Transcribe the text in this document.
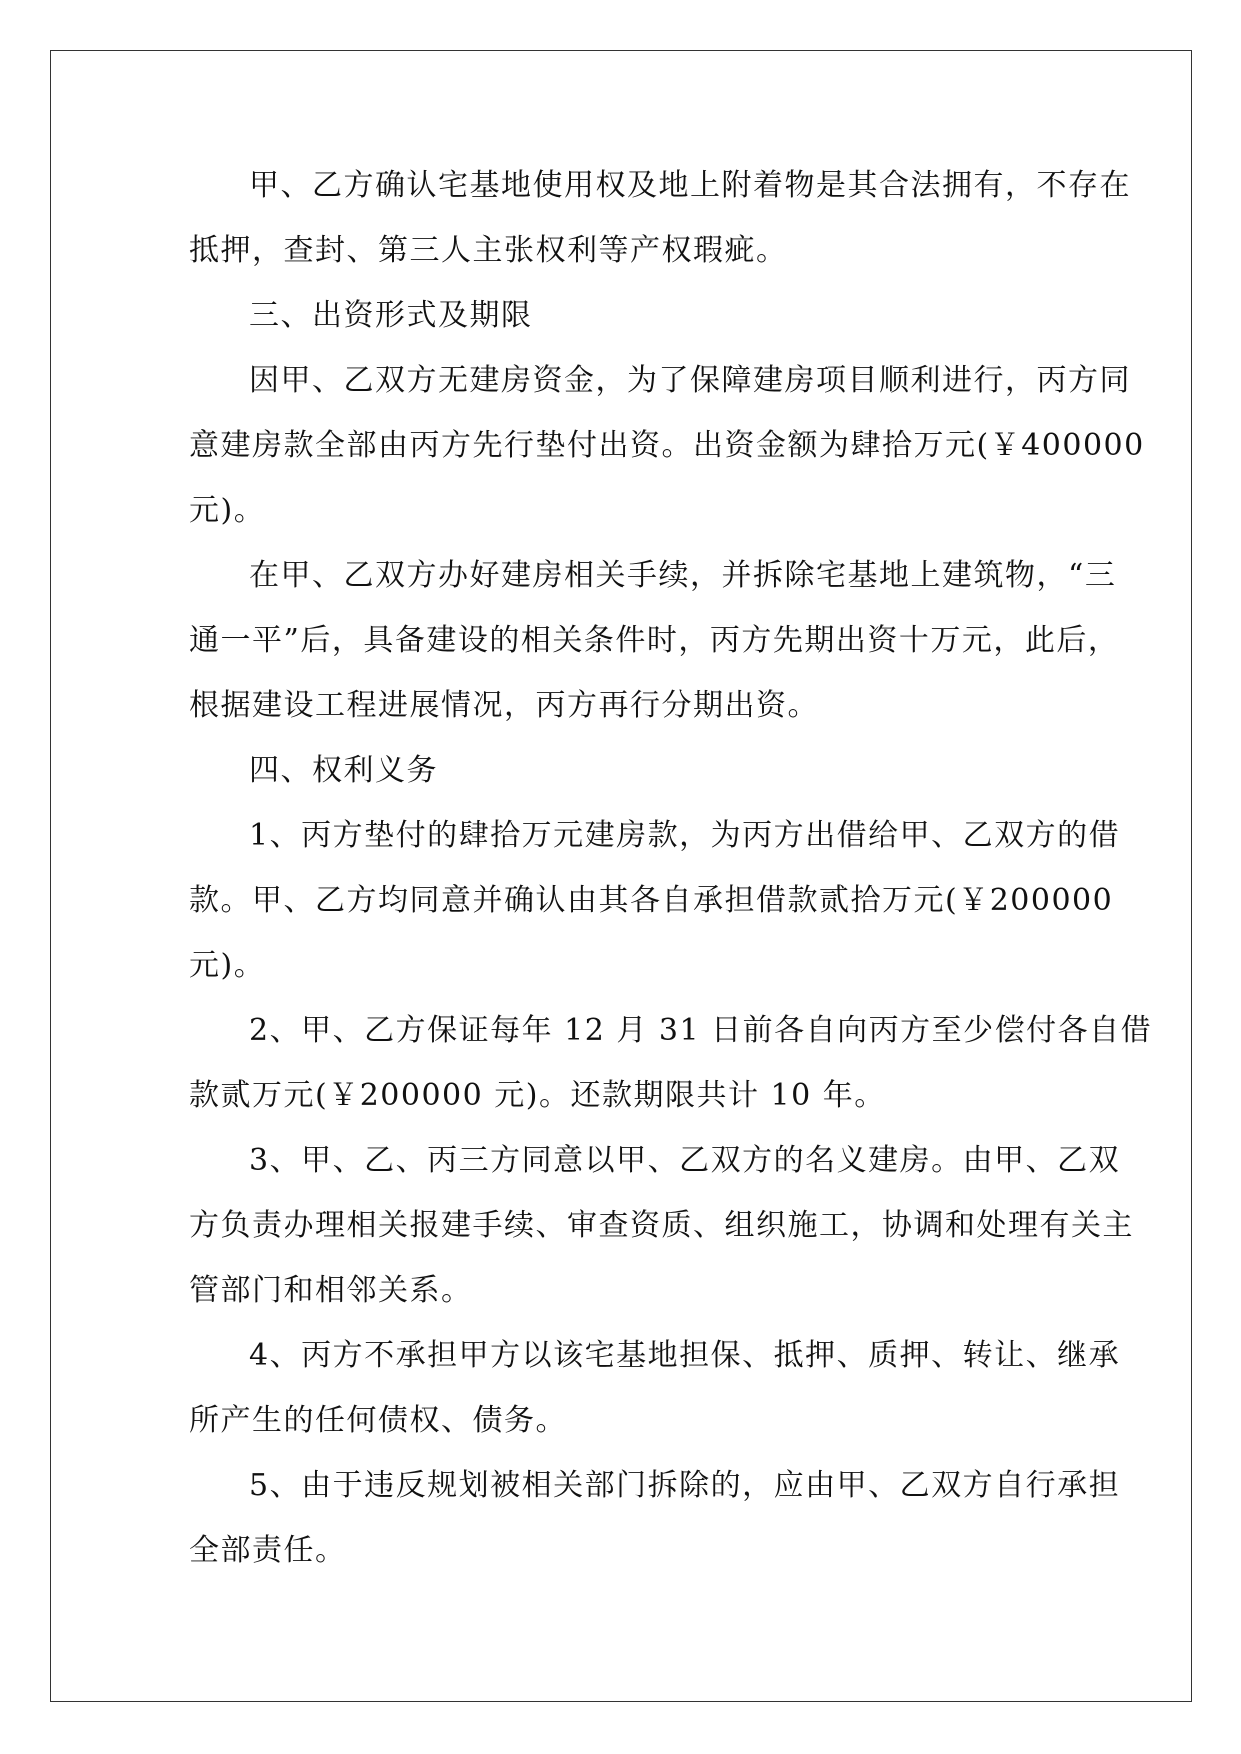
甲、乙方确认宅基地使用权及地上附着物是其合法拥有，不存在
抵押，查封、第三人主张权利等产权瑕疵。

三、出资形式及期限

因甲、乙双方无建房资金，为了保障建房项目顺利进行，丙方同
意建房款全部由丙方先行垫付出资。出资金额为肆拾万元(￥400000
元)。

在甲、乙双方办好建房相关手续，并拆除宅基地上建筑物，“三
通一平”后，具备建设的相关条件时，丙方先期出资十万元，此后，
根据建设工程进展情况，丙方再行分期出资。

四、权利义务

1、丙方垫付的肆拾万元建房款，为丙方出借给甲、乙双方的借
款。甲、乙方均同意并确认由其各自承担借款贰拾万元(￥200000
元)。

2、甲、乙方保证每年 12 月 31 日前各自向丙方至少偿付各自借
款贰万元(￥200000 元)。还款期限共计 10 年。

3、甲、乙、丙三方同意以甲、乙双方的名义建房。由甲、乙双
方负责办理相关报建手续、审查资质、组织施工，协调和处理有关主
管部门和相邻关系。

4、丙方不承担甲方以该宅基地担保、抵押、质押、转让、继承
所产生的任何债权、债务。

5、由于违反规划被相关部门拆除的，应由甲、乙双方自行承担
全部责任。
